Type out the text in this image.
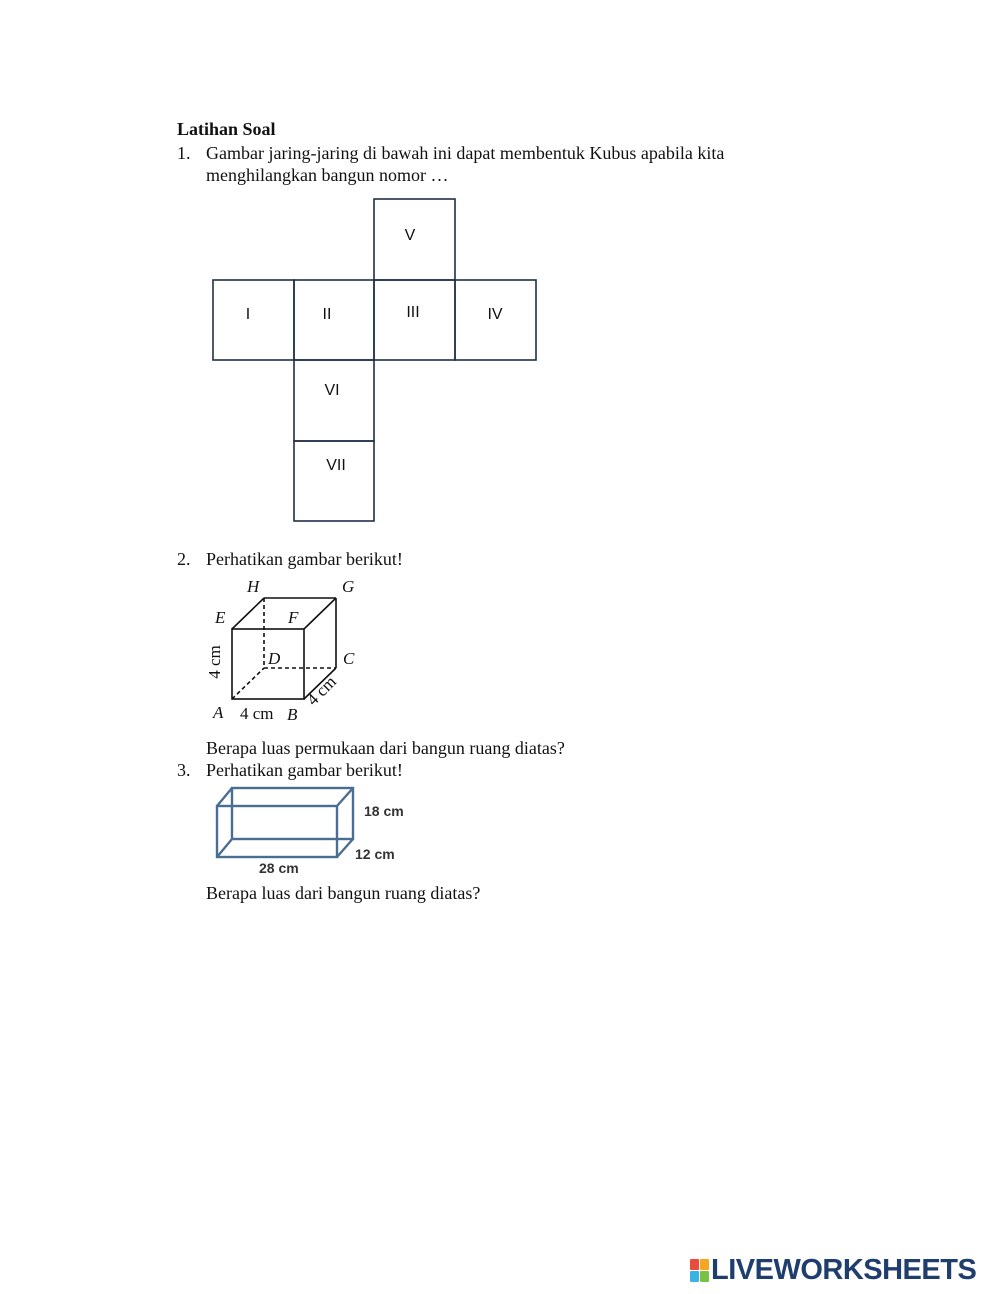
Latihan Soal
1. Gambar jaring-jaring di bawah ini dapat membentuk Kubus apabila kita
menghilangkan bangun nomor …
V
I	II	III	IV
VI
VII
2. Perhatikan gambar berikut!
H	G
E	F
D	C
A	B
4 cm
4 cm
4 cm
Berapa luas permukaan dari bangun ruang diatas?
3. Perhatikan gambar berikut!
18 cm
12 cm
28 cm
Berapa luas dari bangun ruang diatas?
LIVEWORKSHEETS
